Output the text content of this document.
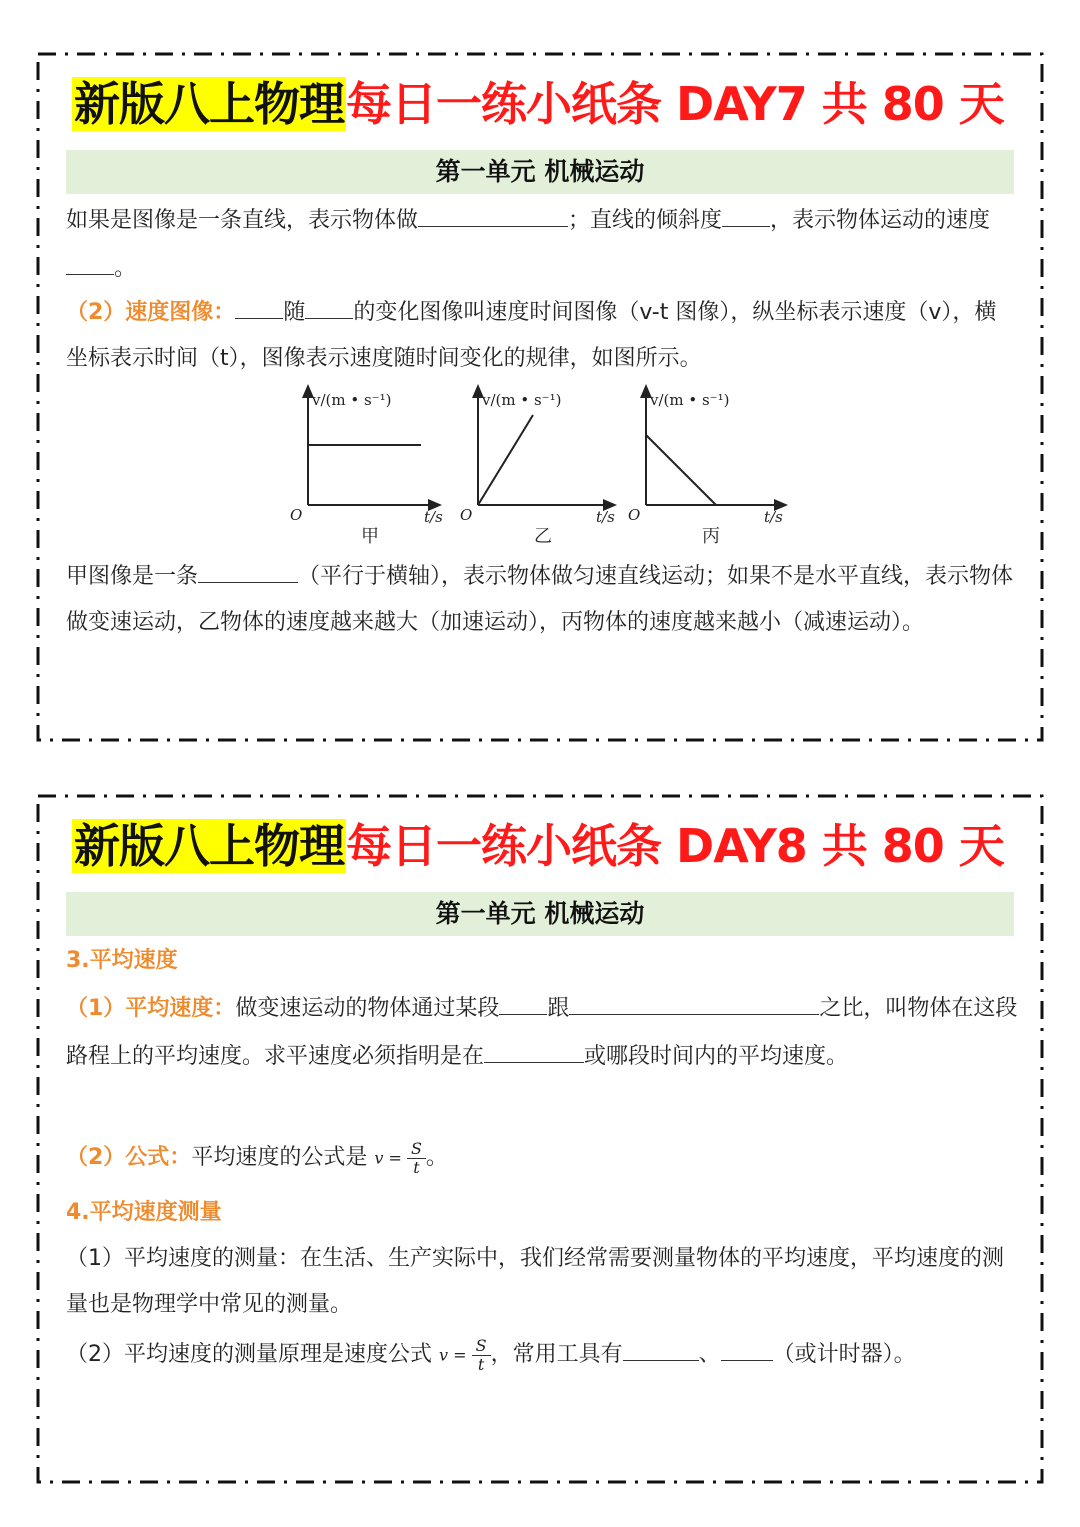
新版八上物理每日一练小纸条 DAY7 共 80 天
第一单元 机械运动

如果是图像是一条直线，表示物体做	；直线的倾斜度 ，表示物体运动的速度。

（2）速度图像： 随 的变化图像叫速度时间图像（v-t 图像），纵坐标表示速度（v），横坐标表示时间（t），图像表示速度随时间变化的规律，如图所示。

v/(m • s⁻¹)
O	t/s
甲
v/(m • s⁻¹)
O	t/s
乙
v/(m • s⁻¹)
O	t/s
丙

甲图像是一条	（平行于横轴），表示物体做匀速直线运动；如果不是水平直线，表示物体做变速运动，乙物体的速度越来越大（加速运动），丙物体的速度越来越小（减速运动）。

新版八上物理每日一练小纸条 DAY8 共 80 天
第一单元 机械运动

3.平均速度

（1）平均速度：做变速运动的物体通过某段 跟	之比，叫物体在这段路程上的平均速度。求平速度必须指明是在	或哪段时间内的平均速度。

（2）公式：平均速度的公式是 $v = \frac{S}{t}$ 。

4.平均速度测量

（1）平均速度的测量：在生活、生产实际中，我们经常需要测量物体的平均速度，平均速度的测量也是物理学中常见的测量。

（2）平均速度的测量原理是速度公式 $v = \frac{S}{t}$ ，常用工具有	、 （或计时器）。
